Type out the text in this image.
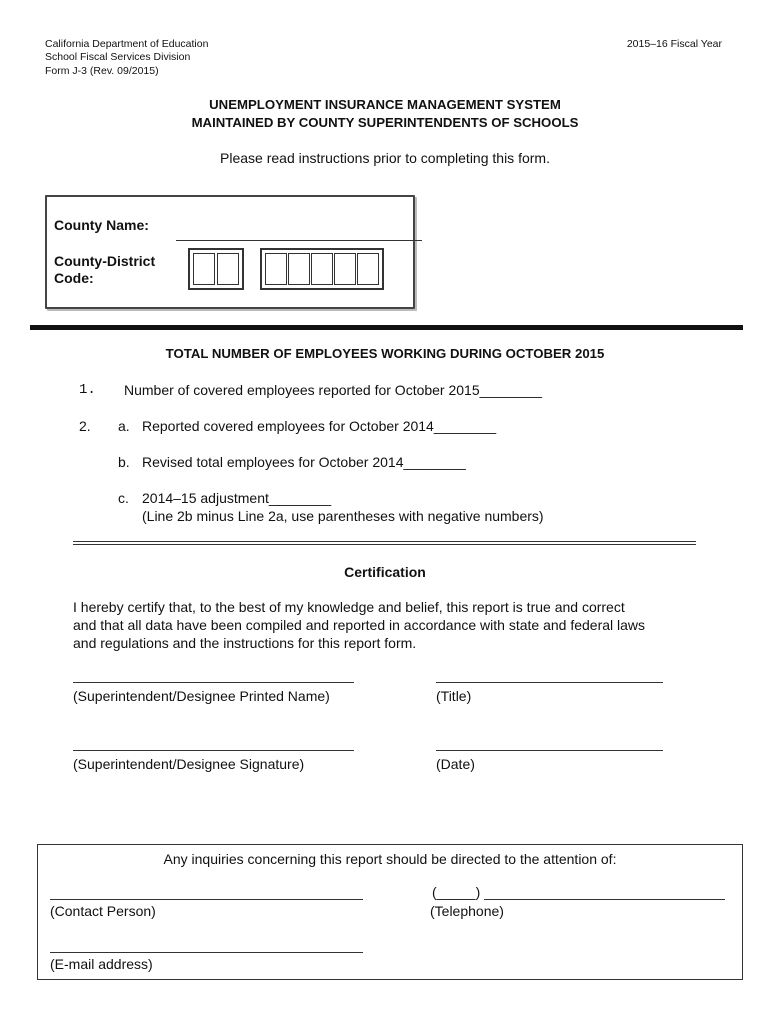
California Department of Education
School Fiscal Services Division
Form J-3 (Rev. 09/2015)
2015–16 Fiscal Year
UNEMPLOYMENT INSURANCE MANAGEMENT SYSTEM
MAINTAINED BY COUNTY SUPERINTENDENTS OF SCHOOLS
Please read instructions prior to completing this form.
County Name:
County-District
Code:
TOTAL NUMBER OF EMPLOYEES WORKING DURING OCTOBER 2015
1. Number of covered employees reported for October 2015________
2. a. Reported covered employees for October 2014________
b. Revised total employees for October 2014________
c. 2014–15 adjustment________
(Line 2b minus Line 2a, use parentheses with negative numbers)
Certification
I hereby certify that, to the best of my knowledge and belief, this report is true and correct
and that all data have been compiled and reported in accordance with state and federal laws
and regulations and the instructions for this report form.
(Superintendent/Designee Printed Name)	(Title)
(Superintendent/Designee Signature)	(Date)
Any inquiries concerning this report should be directed to the attention of:
(Contact Person)
(_____)
(Telephone)
(E-mail address)
